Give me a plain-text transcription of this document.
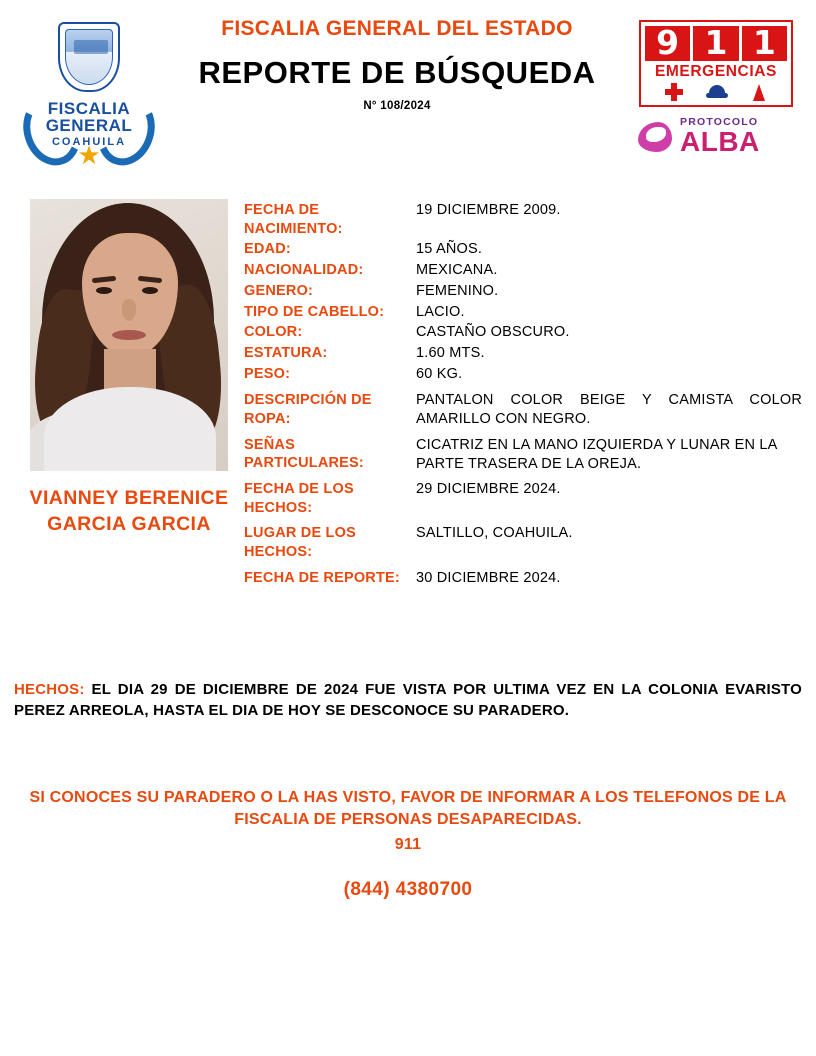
FISCALIA
GENERAL
COAHUILA
★
FISCALIA GENERAL DEL ESTADO
REPORTE DE BÚSQUEDA
N° 108/2024
9 1 1
EMERGENCIAS
PROTOCOLO
ALBA
VIANNEY BERENICE GARCIA GARCIA
FECHA DE NACIMIENTO:	19 DICIEMBRE 2009.
EDAD:	15 AÑOS.
NACIONALIDAD:	MEXICANA.
GENERO:	FEMENINO.
TIPO DE CABELLO:	LACIO.
COLOR:	CASTAÑO OBSCURO.
ESTATURA:	1.60 MTS.
PESO:	60 KG.
DESCRIPCIÓN DE ROPA:	PANTALON COLOR BEIGE Y CAMISTA COLOR AMARILLO CON NEGRO.
SEÑAS PARTICULARES:	CICATRIZ EN LA MANO IZQUIERDA Y LUNAR EN LA PARTE TRASERA DE LA OREJA.
FECHA DE LOS HECHOS:	29 DICIEMBRE 2024.
LUGAR DE LOS HECHOS:	SALTILLO, COAHUILA.
FECHA DE REPORTE:	30 DICIEMBRE 2024.
HECHOS: EL DIA 29 DE DICIEMBRE DE 2024 FUE VISTA POR ULTIMA VEZ EN LA COLONIA EVARISTO PEREZ ARREOLA, HASTA EL DIA DE HOY SE DESCONOCE SU PARADERO.
SI CONOCES SU PARADERO O LA HAS VISTO, FAVOR DE INFORMAR A LOS TELEFONOS DE LA FISCALIA DE PERSONAS DESAPARECIDAS.
911
(844) 4380700
